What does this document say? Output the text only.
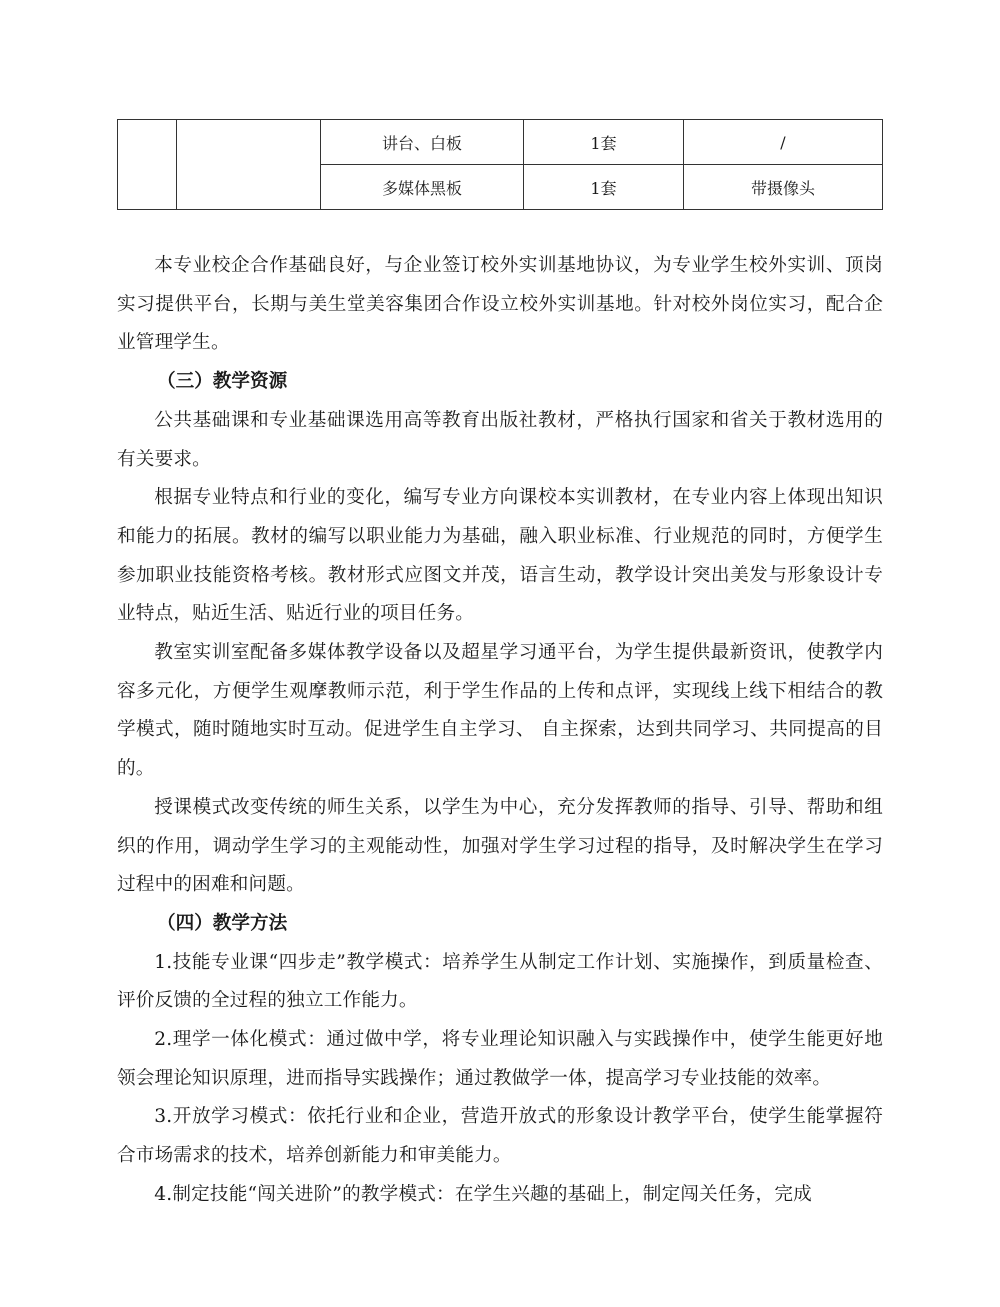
		讲台、白板	1套	/
		多媒体黑板	1套	带摄像头

本专业校企合作基础良好，与企业签订校外实训基地协议，为专业学生校外实训、顶岗实习提供平台，长期与美生堂美容集团合作设立校外实训基地。针对校外岗位实习，配合企业管理学生。

（三）教学资源

公共基础课和专业基础课选用高等教育出版社教材，严格执行国家和省关于教材选用的有关要求。

根据专业特点和行业的变化，编写专业方向课校本实训教材，在专业内容上体现出知识和能力的拓展。教材的编写以职业能力为基础，融入职业标准、行业规范的同时，方便学生参加职业技能资格考核。教材形式应图文并茂，语言生动，教学设计突出美发与形象设计专业特点，贴近生活、贴近行业的项目任务。

教室实训室配备多媒体教学设备以及超星学习通平台，为学生提供最新资讯，使教学内容多元化，方便学生观摩教师示范，利于学生作品的上传和点评，实现线上线下相结合的教学模式，随时随地实时互动。促进学生自主学习、 自主探索，达到共同学习、共同提高的目的。

授课模式改变传统的师生关系，以学生为中心，充分发挥教师的指导、引导、帮助和组织的作用，调动学生学习的主观能动性，加强对学生学习过程的指导，及时解决学生在学习过程中的困难和问题。

（四）教学方法

1.技能专业课“四步走”教学模式：培养学生从制定工作计划、实施操作，到质量检查、评价反馈的全过程的独立工作能力。

2.理学一体化模式：通过做中学，将专业理论知识融入与实践操作中，使学生能更好地领会理论知识原理，进而指导实践操作；通过教做学一体，提高学习专业技能的效率。

3.开放学习模式：依托行业和企业，营造开放式的形象设计教学平台，使学生能掌握符合市场需求的技术，培养创新能力和审美能力。

4.制定技能“闯关进阶”的教学模式：在学生兴趣的基础上，制定闯关任务，完成
